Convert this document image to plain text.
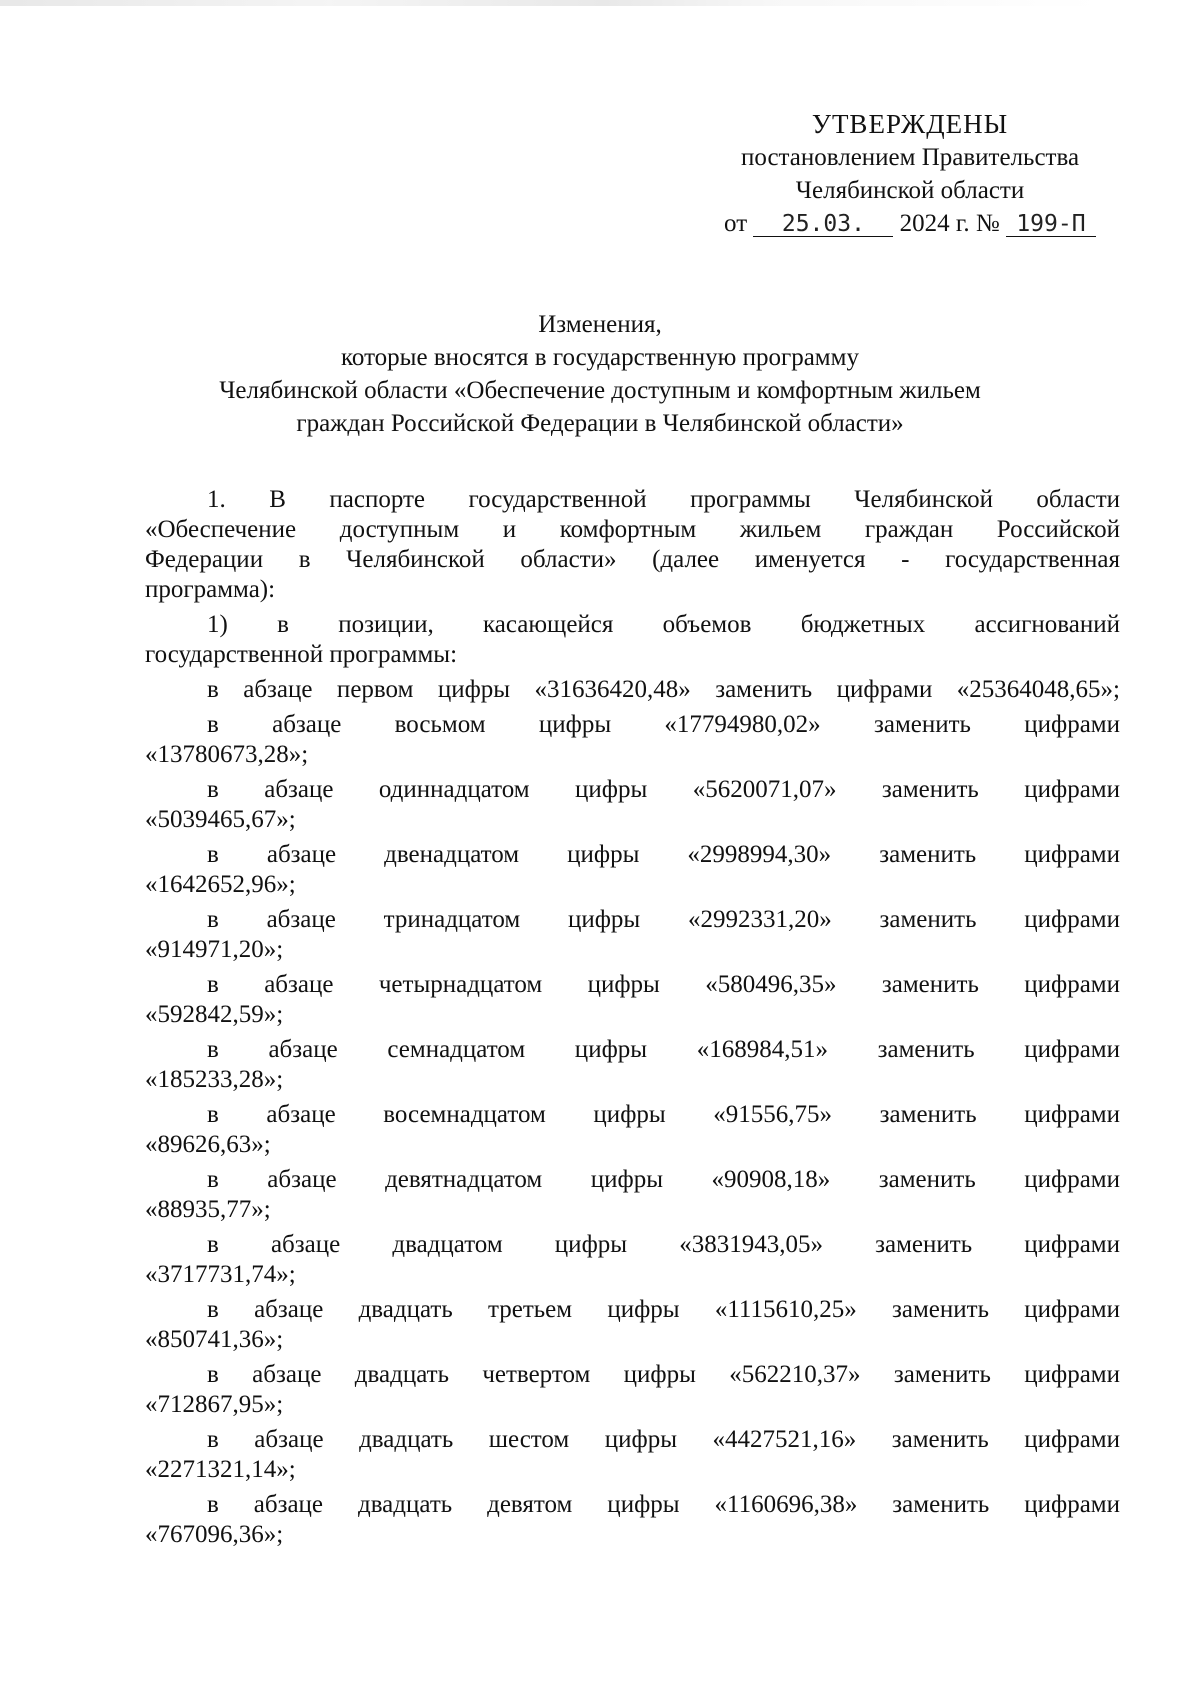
УТВЕРЖДЕНЫ
постановлением Правительства
Челябинской области
от 25.03. 2024 г. № 199-П
Изменения,
которые вносятся в государственную программу
Челябинской области «Обеспечение доступным и комфортным жильем
граждан Российской Федерации в Челябинской области»

1. В паспорте государственной программы Челябинской области

«Обеспечение доступным и комфортным жильем граждан Российской

Федерации в Челябинской области» (далее именуется - государственная

программа):

1) в позиции, касающейся объемов бюджетных ассигнований

государственной программы:

в абзаце первом цифры «31636420,48» заменить цифрами «25364048,65»;

в абзаце восьмом цифры «17794980,02» заменить цифрами

«13780673,28»;

в абзаце одиннадцатом цифры «5620071,07» заменить цифрами

«5039465,67»;

в абзаце двенадцатом цифры «2998994,30» заменить цифрами

«1642652,96»;

в абзаце тринадцатом цифры «2992331,20» заменить цифрами

«914971,20»;

в абзаце четырнадцатом цифры «580496,35» заменить цифрами

«592842,59»;

в абзаце семнадцатом цифры «168984,51» заменить цифрами

«185233,28»;

в абзаце восемнадцатом цифры «91556,75» заменить цифрами

«89626,63»;

в абзаце девятнадцатом цифры «90908,18» заменить цифрами

«88935,77»;

в абзаце двадцатом цифры «3831943,05» заменить цифрами

«3717731,74»;

в абзаце двадцать третьем цифры «1115610,25» заменить цифрами

«850741,36»;

в абзаце двадцать четвертом цифры «562210,37» заменить цифрами

«712867,95»;

в абзаце двадцать шестом цифры «4427521,16» заменить цифрами

«2271321,14»;

в абзаце двадцать девятом цифры «1160696,38» заменить цифрами

«767096,36»;
